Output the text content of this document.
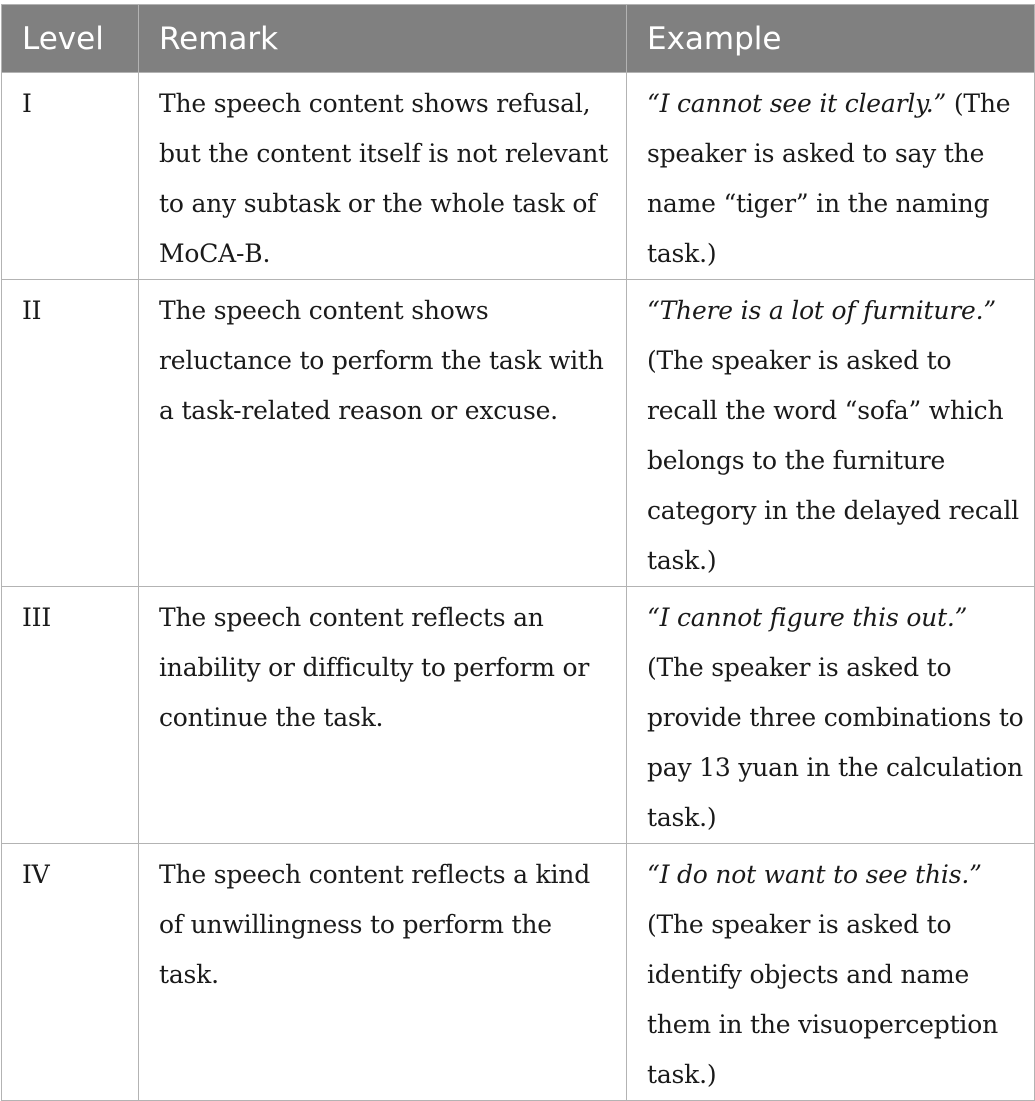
Level	Remark	Example
I	The speech content shows refusal, but the content itself is not relevant to any subtask or the whole task of MoCA-B.	“I cannot see it clearly.” (The speaker is asked to say the name “tiger” in the naming task.)
II	The speech content shows reluctance to perform the task with a task-related reason or excuse.	“There is a lot of furniture.” (The speaker is asked to recall the word “sofa” which belongs to the furniture category in the delayed recall task.)
III	The speech content reflects an inability or difficulty to perform or continue the task.	“I cannot figure this out.” (The speaker is asked to provide three combinations to pay 13 yuan in the calculation task.)
IV	The speech content reflects a kind of unwillingness to perform the task.	“I do not want to see this.” (The speaker is asked to identify objects and name them in the visuoperception task.)
